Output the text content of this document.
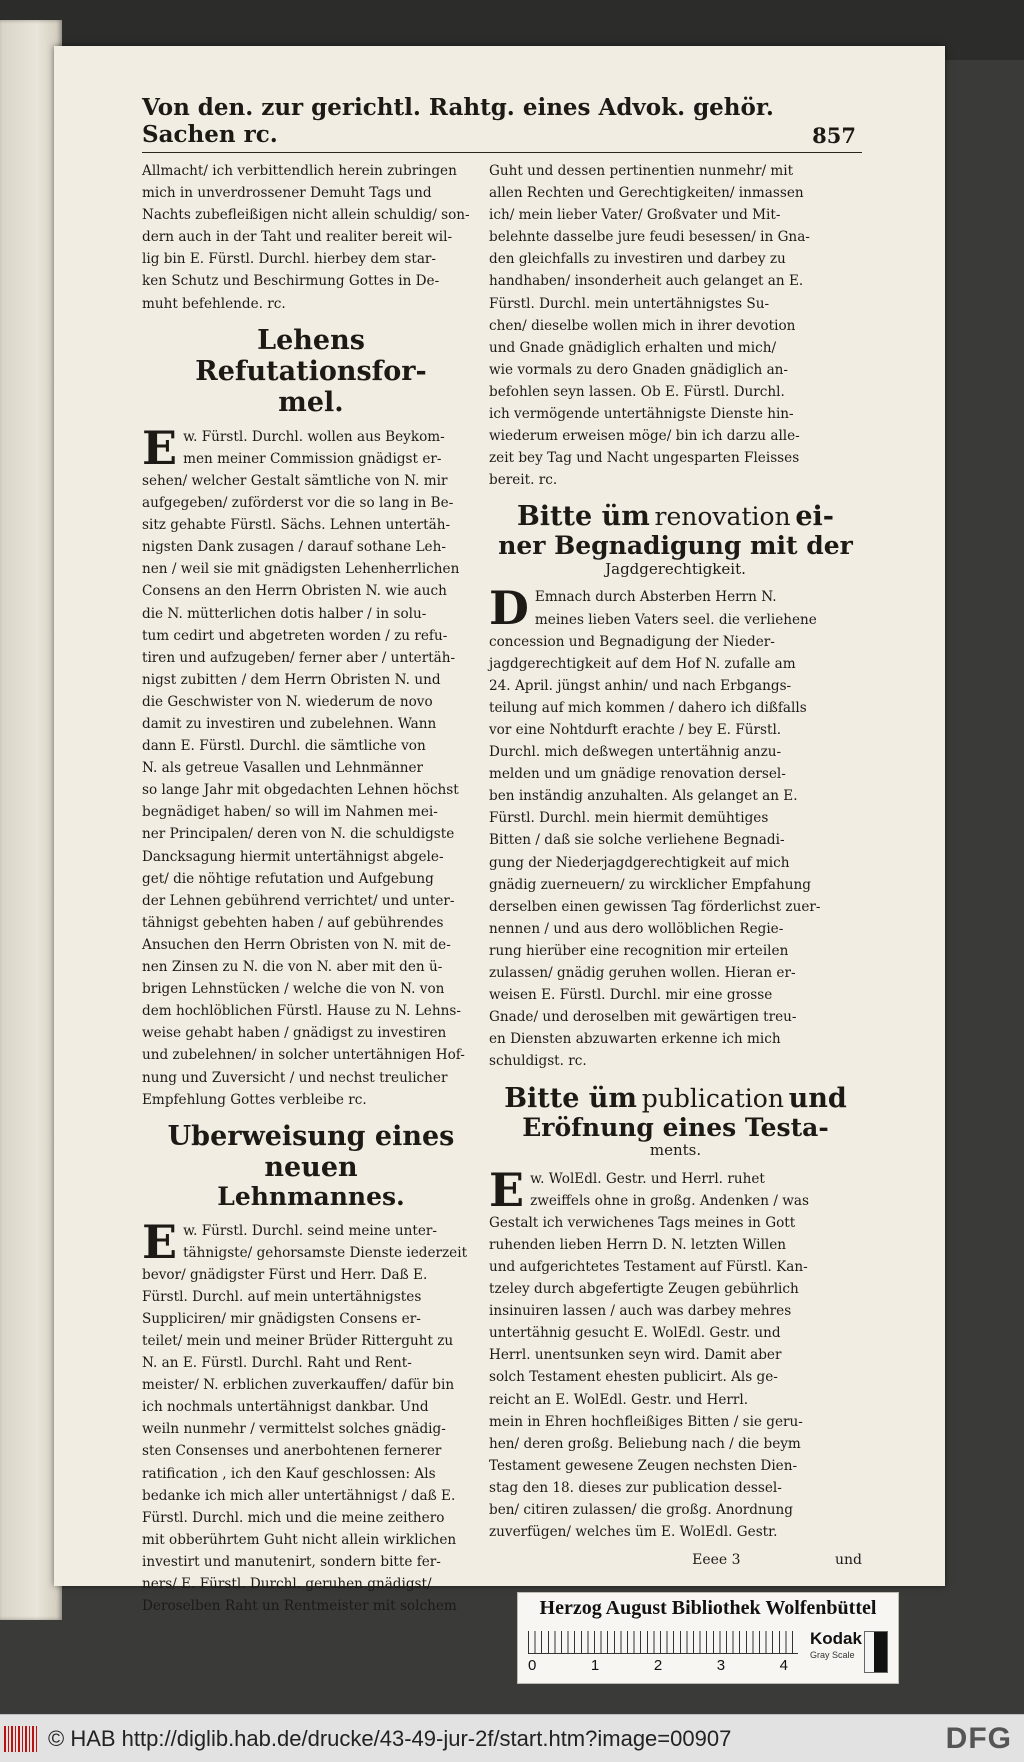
Von den. zur gerichtl. Rahtg. eines Advok. gehör. Sachen rc.	857

Allmacht/ ich verbittendlich herein zubringen

mich in unverdrossener Demuht Tags und

Nachts zubefleißigen nicht allein schuldig/ son-

dern auch in der Taht und realiter bereit wil-

lig bin E. Fürstl. Durchl. hierbey dem star-

ken Schutz und Beschirmung Gottes in De-

muht befehlende. rc.

Lehens Refutationsfor-
mel.
E w. Fürstl. Durchl. wollen aus Beykom-

men meiner Commission gnädigst er-

sehen/ welcher Gestalt sämtliche von N. mir

aufgegeben/ zuförderst vor die so lang in Be-

sitz gehabte Fürstl. Sächs. Lehnen untertäh-

nigsten Dank zusagen / darauf sothane Leh-

nen / weil sie mit gnädigsten Lehenherrlichen

Consens an den Herrn Obristen N. wie auch

die N. mütterlichen dotis halber / in solu-

tum cedirt und abgetreten worden / zu refu-

tiren und aufzugeben/ ferner aber / untertäh-

nigst zubitten / dem Herrn Obristen N. und

die Geschwister von N. wiederum de novo

damit zu investiren und zubelehnen. Wann

dann E. Fürstl. Durchl. die sämtliche von

N. als getreue Vasallen und Lehnmänner

so lange Jahr mit obgedachten Lehnen höchst

begnädiget haben/ so will im Nahmen mei-

ner Principalen/ deren von N. die schuldigste

Dancksagung hiermit untertähnigst abgele-

get/ die nöhtige refutation und Aufgebung

der Lehnen gebührend verrichtet/ und unter-

tähnigst gebehten haben / auf gebührendes

Ansuchen den Herrn Obristen von N. mit de-

nen Zinsen zu N. die von N. aber mit den ü-

brigen Lehnstücken / welche die von N. von

dem hochlöblichen Fürstl. Hause zu N. Lehns-

weise gehabt haben / gnädigst zu investiren

und zubelehnen/ in solcher untertähnigen Hof-

nung und Zuversicht / und nechst treulicher

Empfehlung Gottes verbleibe rc.

Uberweisung eines neuen
Lehnmannes.
E w. Fürstl. Durchl. seind meine unter-

tähnigste/ gehorsamste Dienste iederzeit

bevor/ gnädigster Fürst und Herr. Daß E.

Fürstl. Durchl. auf mein untertähnigstes

Suppliciren/ mir gnädigsten Consens er-

teilet/ mein und meiner Brüder Ritterguht zu

N. an E. Fürstl. Durchl. Raht und Rent-

meister/ N. erblichen zuverkauffen/ dafür bin

ich nochmals untertähnigst dankbar. Und

weiln nunmehr / vermittelst solches gnädig-

sten Consenses und anerbohtenen fernerer

ratification , ich den Kauf geschlossen: Als

bedanke ich mich aller untertähnigst / daß E.

Fürstl. Durchl. mich und die meine zeithero

mit obberührtem Guht nicht allein wirklichen

investirt und manutenirt, sondern bitte fer-

ners/ E. Fürstl. Durchl. geruhen gnädigst/

Deroselben Raht un Rentmeister mit solchem

Guht und dessen pertinentien nunmehr/ mit

allen Rechten und Gerechtigkeiten/ inmassen

ich/ mein lieber Vater/ Großvater und Mit-

belehnte dasselbe jure feudi besessen/ in Gna-

den gleichfalls zu investiren und darbey zu

handhaben/ insonderheit auch gelanget an E.

Fürstl. Durchl. mein untertähnigstes Su-

chen/ dieselbe wollen mich in ihrer devotion

und Gnade gnädiglich erhalten und mich/

wie vormals zu dero Gnaden gnädiglich an-

befohlen seyn lassen. Ob E. Fürstl. Durchl.

ich vermögende untertähnigste Dienste hin-

wiederum erweisen möge/ bin ich darzu alle-

zeit bey Tag und Nacht ungesparten Fleisses

bereit. rc.

Bitte üm renovation ei-
ner Begnadigung mit der
Jagdgerechtigkeit.
D Emnach durch Absterben Herrn N.

meines lieben Vaters seel. die verliehene

concession und Begnadigung der Nieder-

jagdgerechtigkeit auf dem Hof N. zufalle am

24. April. jüngst anhin/ und nach Erbgangs-

teilung auf mich kommen / dahero ich dißfalls

vor eine Nohtdurft erachte / bey E. Fürstl.

Durchl. mich deßwegen untertähnig anzu-

melden und um gnädige renovation dersel-

ben inständig anzuhalten. Als gelanget an E.

Fürstl. Durchl. mein hiermit demühtiges

Bitten / daß sie solche verliehene Begnadi-

gung der Niederjagdgerechtigkeit auf mich

gnädig zuerneuern/ zu wircklicher Empfahung

derselben einen gewissen Tag förderlichst zuer-

nennen / und aus dero wollöblichen Regie-

rung hierüber eine recognition mir erteilen

zulassen/ gnädig geruhen wollen. Hieran er-

weisen E. Fürstl. Durchl. mir eine grosse

Gnade/ und deroselben mit gewärtigen treu-

en Diensten abzuwarten erkenne ich mich

schuldigst. rc.

Bitte üm publication und
Eröfnung eines Testa-
ments.
E w. WolEdl. Gestr. und Herrl. ruhet

zweiffels ohne in großg. Andenken / was

Gestalt ich verwichenes Tags meines in Gott

ruhenden lieben Herrn D. N. letzten Willen

und aufgerichtetes Testament auf Fürstl. Kan-

tzeley durch abgefertigte Zeugen gebührlich

insinuiren lassen / auch was darbey mehres

untertähnig gesucht E. WolEdl. Gestr. und

Herrl. unentsunken seyn wird. Damit aber

solch Testament ehesten publicirt. Als ge-

reicht an E. WolEdl. Gestr. und Herrl.

mein in Ehren hochfleißiges Bitten / sie geru-

hen/ deren großg. Beliebung nach / die beym

Testament gewesene Zeugen nechsten Dien-

stag den 18. dieses zur publication dessel-

ben/ citiren zulassen/ die großg. Anordnung

zuverfügen/ welches üm E. WolEdl. Gestr.

Eeee 3	und
Herzog August Bibliothek Wolfenbüttel
0	1	2	3	4
Kodak
Gray Scale
© HAB http://diglib.hab.de/drucke/43-49-jur-2f/start.htm?image=00907	DFG
